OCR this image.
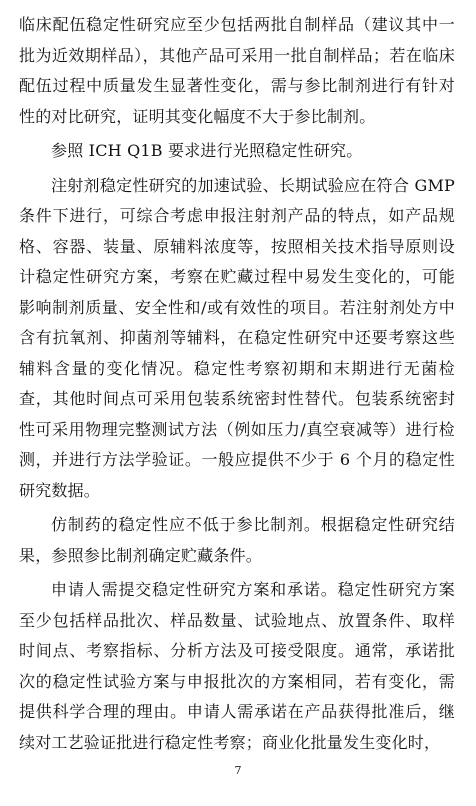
临床配伍稳定性研究应至少包括两批自制样品（建议其中一批为近效期样品），其他产品可采用一批自制样品；若在临床配伍过程中质量发生显著性变化，需与参比制剂进行有针对性的对比研究，证明其变化幅度不大于参比制剂。

参照 ICH Q1B 要求进行光照稳定性研究。

注射剂稳定性研究的加速试验、长期试验应在符合 GMP 条件下进行，可综合考虑申报注射剂产品的特点，如产品规格、容器、装量、原辅料浓度等，按照相关技术指导原则设计稳定性研究方案，考察在贮藏过程中易发生变化的，可能影响制剂质量、安全性和/或有效性的项目。若注射剂处方中含有抗氧剂、抑菌剂等辅料，在稳定性研究中还要考察这些辅料含量的变化情况。稳定性考察初期和末期进行无菌检查，其他时间点可采用包装系统密封性替代。包装系统密封性可采用物理完整测试方法（例如压力/真空衰减等）进行检测，并进行方法学验证。一般应提供不少于 6 个月的稳定性研究数据。

仿制药的稳定性应不低于参比制剂。根据稳定性研究结果，参照参比制剂确定贮藏条件。

申请人需提交稳定性研究方案和承诺。稳定性研究方案至少包括样品批次、样品数量、试验地点、放置条件、取样时间点、考察指标、分析方法及可接受限度。通常，承诺批次的稳定性试验方案与申报批次的方案相同，若有变化，需提供科学合理的理由。申请人需承诺在产品获得批准后，继续对工艺验证批进行稳定性考察；商业化批量发生变化时，

7
